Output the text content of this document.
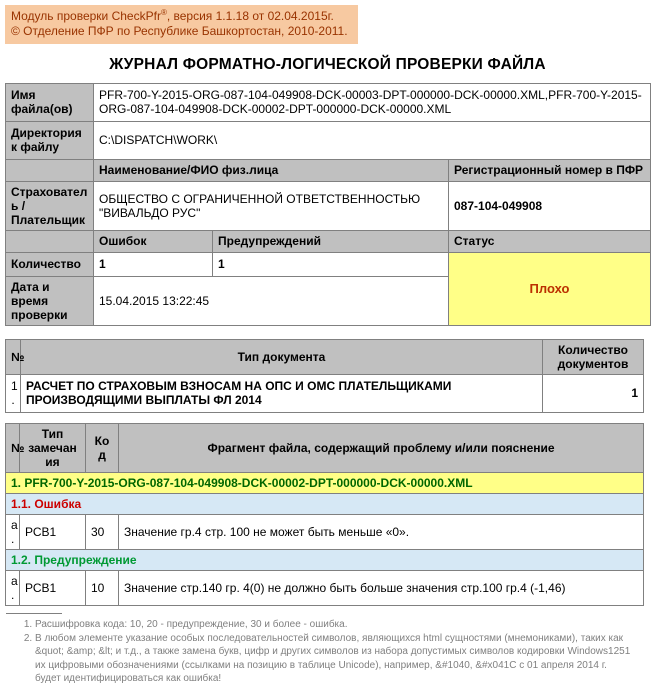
Модуль проверки CheckPfr®, версия 1.1.18 от 02.04.2015г.
© Отделение ПФР по Республике Башкортостан, 2010-2011.
ЖУРНАЛ ФОРМАТНО-ЛОГИЧЕСКОЙ ПРОВЕРКИ ФАЙЛА
Имя файла(ов)	PFR-700-Y-2015-ORG-087-104-049908-DCK-00003-DPT-000000-DCK-00000.XML,PFR-700-Y-2015-ORG-087-104-049908-DCK-00002-DPT-000000-DCK-00000.XML		
Директория к файлу	C:\DISPATCH\WORK\		
	Наименование/ФИО физ.лица		Регистрационный номер в ПФР
Страхователь / Плательщик	ОБЩЕСТВО С ОГРАНИЧЕННОЙ ОТВЕТСТВЕННОСТЬЮ "ВИВАЛЬДО РУС"		087-104-049908
	Ошибок	Предупреждений	Статус
Количество	1	1	Плохо
Дата и время проверки	15.04.2015 13:22:45		
№	Тип документа	Количество документов
1.	РАСЧЕТ ПО СТРАХОВЫМ ВЗНОСАМ НА ОПС И ОМС ПЛАТЕЛЬЩИКАМИ ПРОИЗВОДЯЩИМИ ВЫПЛАТЫ ФЛ 2014	1
№	Тип замечания	Код	Фрагмент файла, содержащий проблему и/или пояснение
1. PFR-700-Y-2015-ORG-087-104-049908-DCK-00002-DPT-000000-DCK-00000.XML			
1.1. Ошибка			
а.	РСВ1	30	Значение гр.4 стр. 100 не может быть меньше «0».
1.2. Предупреждение			
а.	РСВ1	10	Значение стр.140 гр. 4(0) не должно быть больше значения стр.100 гр.4 (-1,46)
1. Расшифровка кода: 10, 20 - предупреждение, 30 и более - ошибка.
2. В любом элементе указание особых последовательностей символов, являющихся html сущностями (мнемониками), таких как &quot; &amp; &lt; и т.д., а также замена букв, цифр и других символов из набора допустимых символов кодировки Windows1251 их цифровыми обозначениями (ссылками на позицию в таблице Unicode), например, &#1040, &#x041C с 01 апреля 2014 г. будет идентифицироваться как ошибка!
